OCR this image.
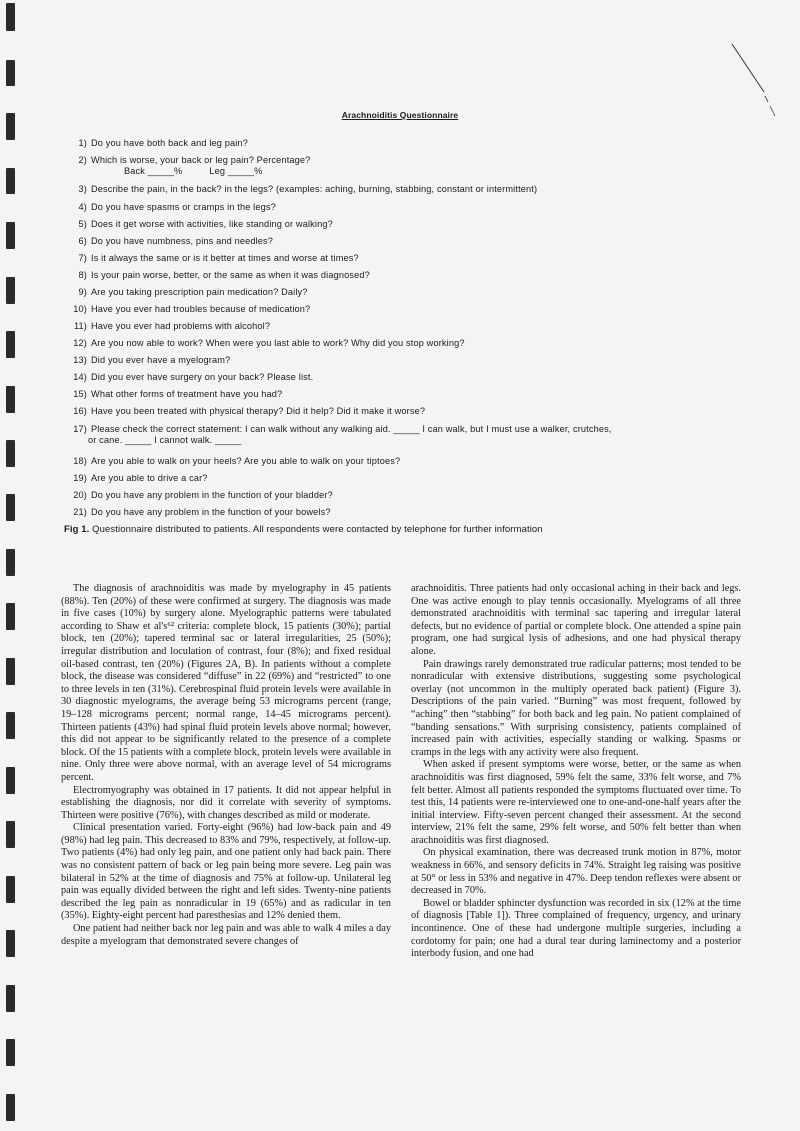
Arachnoiditis Questionnaire
1) Do you have both back and leg pain?
2) Which is worse, your back or leg pain? Percentage?
Back _____%          Leg _____%
3) Describe the pain, in the back? in the legs? (examples: aching, burning, stabbing, constant or intermittent)
4) Do you have spasms or cramps in the legs?
5) Does it get worse with activities, like standing or walking?
6) Do you have numbness, pins and needles?
7) Is it always the same or is it better at times and worse at times?
8) Is your pain worse, better, or the same as when it was diagnosed?
9) Are you taking prescription pain medication? Daily?
10) Have you ever had troubles because of medication?
11) Have you ever had problems with alcohol?
12) Are you now able to work? When were you last able to work? Why did you stop working?
13) Did you ever have a myelogram?
14) Did you ever have surgery on your back? Please list.
15) What other forms of treatment have you had?
16) Have you been treated with physical therapy? Did it help? Did it make it worse?
17) Please check the correct statement: I can walk without any walking aid. _____ I can walk, but I must use a walker, crutches,
or cane. _____ I cannot walk. _____
18) Are you able to walk on your heels? Are you able to walk on your tiptoes?
19) Are you able to drive a car?
20) Do you have any problem in the function of your bladder?
21) Do you have any problem in the function of your bowels?
Fig 1. Questionnaire distributed to patients. All respondents were contacted by telephone for further information

The diagnosis of arachnoiditis was made by myelography in 45 patients (88%). Ten (20%) of these were confirmed at surgery. The diagnosis was made in five cases (10%) by surgery alone. Myelographic patterns were tabulated according to Shaw et al's⁶² criteria: complete block, 15 patients (30%); partial block, ten (20%); tapered terminal sac or lateral irregularities, 25 (50%); irregular distribution and loculation of contrast, four (8%); and fixed residual oil-based contrast, ten (20%) (Figures 2A, B). In patients without a complete block, the disease was considered “diffuse” in 22 (69%) and “restricted” to one to three levels in ten (31%). Cerebrospinal fluid protein levels were available in 30 diagnostic myelograms, the average being 53 micrograms percent (range, 19–128 micrograms percent; normal range, 14–45 micrograms percent). Thirteen patients (43%) had spinal fluid protein levels above normal; however, this did not appear to be significantly related to the presence of a complete block. Of the 15 patients with a complete block, protein levels were available in nine. Only three were above normal, with an average level of 54 micrograms percent.

Electromyography was obtained in 17 patients. It did not appear helpful in establishing the diagnosis, nor did it correlate with severity of symptoms. Thirteen were positive (76%), with changes described as mild or moderate.

Clinical presentation varied. Forty-eight (96%) had low-back pain and 49 (98%) had leg pain. This decreased to 83% and 79%, respectively, at follow-up. Two patients (4%) had only leg pain, and one patient only had back pain. There was no consistent pattern of back or leg pain being more severe. Leg pain was bilateral in 52% at the time of diagnosis and 75% at follow-up. Unilateral leg pain was equally divided between the right and left sides. Twenty-nine patients described the leg pain as nonradicular in 19 (65%) and as radicular in ten (35%). Eighty-eight percent had paresthesias and 12% denied them.

One patient had neither back nor leg pain and was able to walk 4 miles a day despite a myelogram that demonstrated severe changes of

arachnoiditis. Three patients had only occasional aching in their back and legs. One was active enough to play tennis occasionally. Myelograms of all three demonstrated arachnoiditis with terminal sac tapering and irregular lateral defects, but no evidence of partial or complete block. One attended a spine pain program, one had surgical lysis of adhesions, and one had physical therapy alone.

Pain drawings rarely demonstrated true radicular patterns; most tended to be nonradicular with extensive distributions, suggesting some psychological overlay (not uncommon in the multiply operated back patient) (Figure 3). Descriptions of the pain varied. “Burning” was most frequent, followed by “aching” then “stabbing” for both back and leg pain. No patient complained of “banding sensations.” With surprising consistency, patients complained of increased pain with activities, especially standing or walking. Spasms or cramps in the legs with any activity were also frequent.

When asked if present symptoms were worse, better, or the same as when arachnoiditis was first diagnosed, 59% felt the same, 33% felt worse, and 7% felt better. Almost all patients responded the symptoms fluctuated over time. To test this, 14 patients were re-interviewed one to one-and-one-half years after the initial interview. Fifty-seven percent changed their assessment. At the second interview, 21% felt the same, 29% felt worse, and 50% felt better than when arachnoiditis was first diagnosed.

On physical examination, there was decreased trunk motion in 87%, motor weakness in 66%, and sensory deficits in 74%. Straight leg raising was positive at 50° or less in 53% and negative in 47%. Deep tendon reflexes were absent or decreased in 70%.

Bowel or bladder sphincter dysfunction was recorded in six (12% at the time of diagnosis [Table 1]). Three complained of frequency, urgency, and urinary incontinence. One of these had undergone multiple surgeries, including a cordotomy for pain; one had a dural tear during laminectomy and a posterior interbody fusion, and one had
